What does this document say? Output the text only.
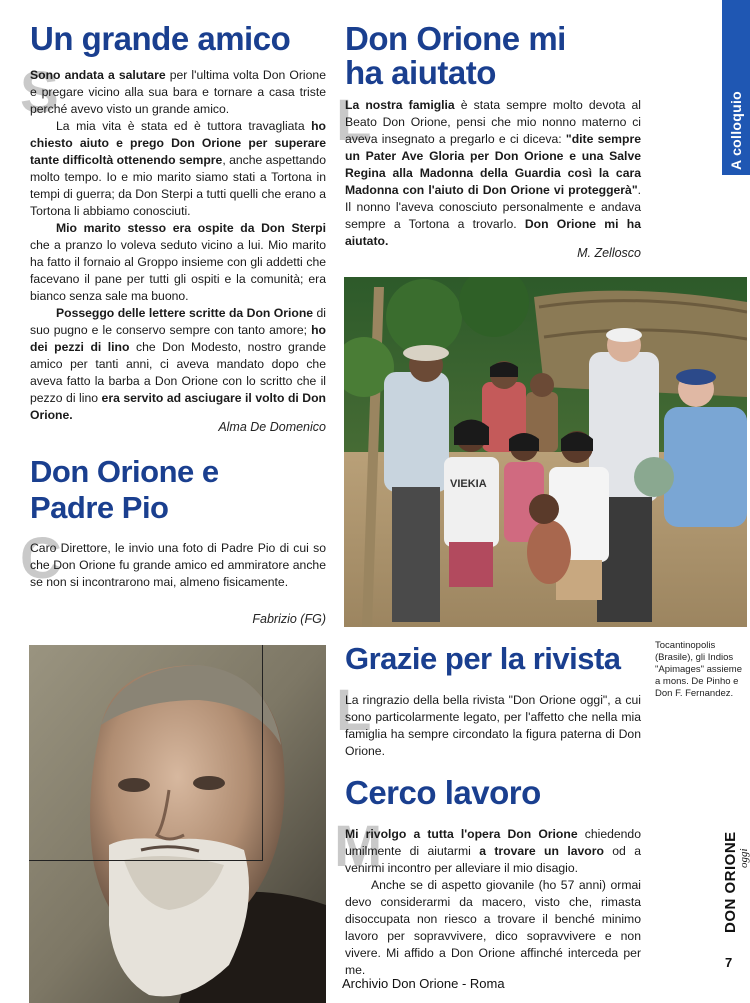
A colloquio
Un grande amico
S

Sono andata a salutare per l'ultima volta Don Orione e pregare vicino alla sua bara e tornare a casa triste perché avevo visto un grande amico.

La mia vita è stata ed è tuttora travagliata ho chiesto aiuto e prego Don Orione per superare tante difficoltà ottenendo sempre, anche aspettando molto tempo. Io e mio marito siamo stati a Tortona in tempi di guerra; da Don Sterpi a tutti quelli che erano a Tortona li abbiamo conosciuti.

Mio marito stesso era ospite da Don Sterpi che a pranzo lo voleva seduto vicino a lui. Mio marito ha fatto il fornaio al Groppo insieme con gli addetti che facevano il pane per tutti gli ospiti e la comunità; era bianco senza sale ma buono.

Posseggo delle lettere scritte da Don Orione di suo pugno e le conservo sempre con tanto amore; ho dei pezzi di lino che Don Modesto, nostro grande amico per tanti anni, ci aveva mandato dopo che aveva fatto la barba a Don Orione con lo scritto che il pezzo di lino era servito ad asciugare il volto di Don Orione.

Alma De Domenico
Don Orione e
Padre Pio
C

Caro Direttore, le invio una foto di Padre Pio di cui so che Don Orione fu grande amico ed ammiratore anche se non si incontrarono mai, almeno fisicamente.

Fabrizio (FG)
Don Orione mi
ha aiutato
L

La nostra famiglia è stata sempre molto devota al Beato Don Orione, pensi che mio nonno materno ci aveva insegnato a pregarlo e ci diceva: "dite sempre un Pater Ave Gloria per Don Orione e una Salve Regina alla Madonna della Guardia così la cara Madonna con l'aiuto di Don Orione vi proteggerà". Il nonno l'aveva conosciuto personalmente e andava sempre a Tortona a trovarlo. Don Orione mi ha aiutato.

M. Zellosco
VIEKIA
Tocantinopolis (Brasile), gli Indios "Apimages" assieme a mons. De Pinho e Don F. Fernandez.
Grazie per la rivista
L

La ringrazio della bella rivista "Don Orione oggi", a cui sono particolarmente legato, per l'affetto che nella mia famiglia ha sempre circondato la figura paterna di Don Orione.

Cerco lavoro
M

Mi rivolgo a tutta l'opera Don Orione chiedendo umilmente di aiutarmi a trovare un lavoro od a venirmi incontro per alleviare il mio disagio.

Anche se di aspetto giovanile (ho 57 anni) ormai devo considerarmi da macero, visto che, rimasta disoccupata non riesco a trovare il benché minimo lavoro per sopravvivere, dico sopravvivere e non vivere. Mi affido a Don Orione affinché interceda per me.

DON ORIONE oggi
7
Archivio Don Orione - Roma
